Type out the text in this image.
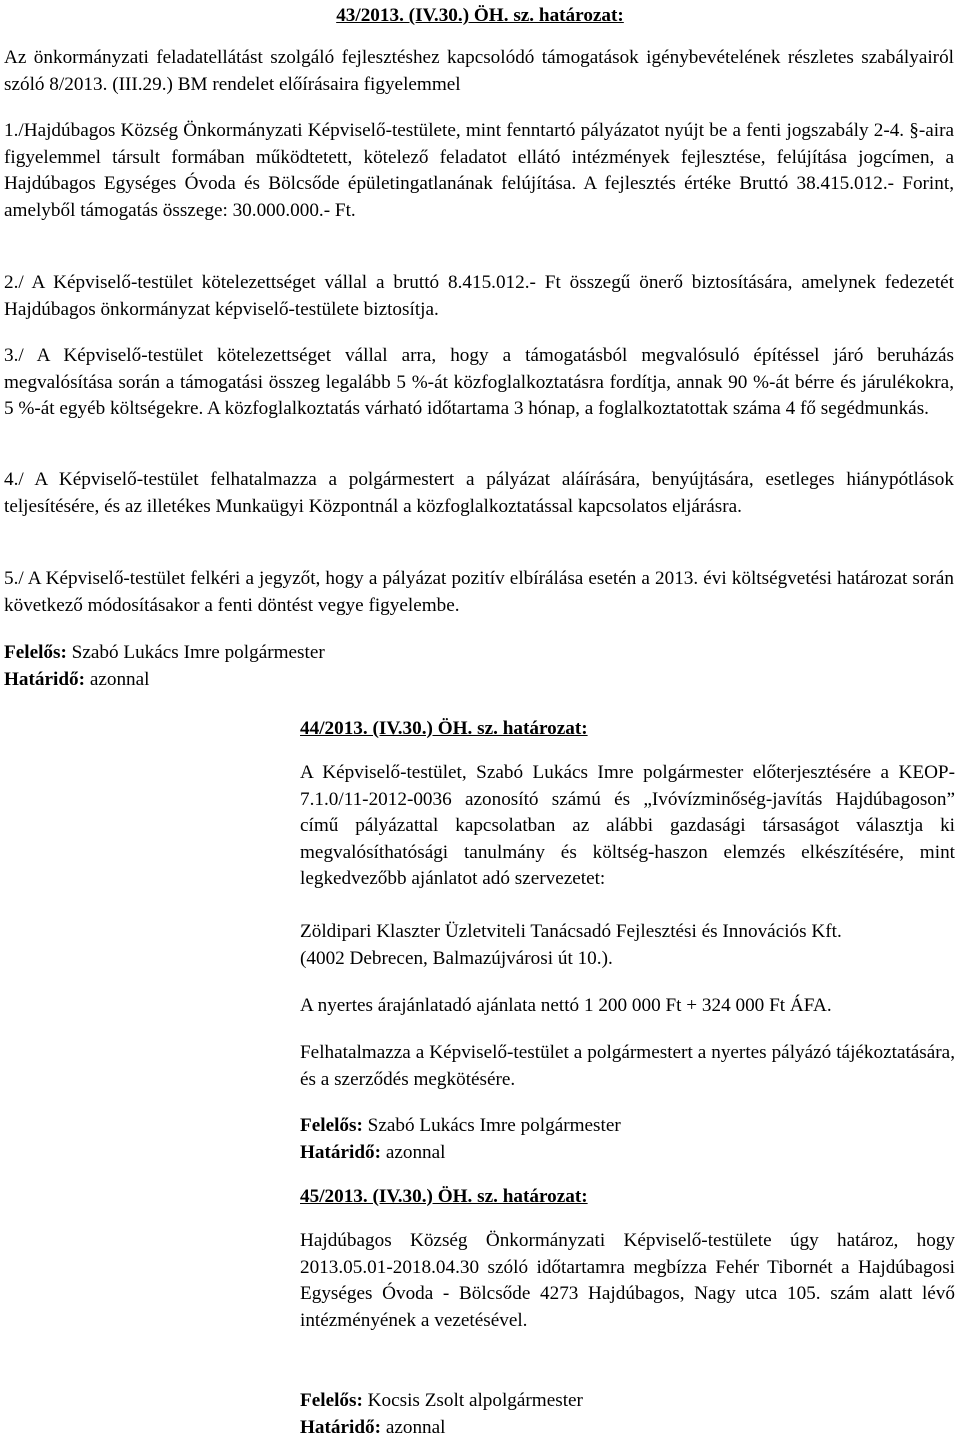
43/2013. (IV.30.) ÖH. sz. határozat:

Az önkormányzati feladatellátást szolgáló fejlesztéshez kapcsolódó támogatások igénybevételének részletes szabályairól szóló 8/2013. (III.29.) BM rendelet előírásaira figyelemmel

1./Hajdúbagos Község Önkormányzati Képviselő-testülete, mint fenntartó pályázatot nyújt be a fenti jogszabály 2-4. §-aira figyelemmel társult formában működtetett, kötelező feladatot ellátó intézmények fejlesztése, felújítása jogcímen, a Hajdúbagos Egységes Óvoda és Bölcsőde épületingatlanának felújítása. A fejlesztés értéke Bruttó 38.415.012.- Forint, amelyből támogatás összege: 30.000.000.- Ft.

2./ A Képviselő-testület kötelezettséget vállal a bruttó 8.415.012.- Ft összegű önerő biztosítására, amelynek fedezetét Hajdúbagos önkormányzat képviselő-testülete biztosítja.

3./ A Képviselő-testület kötelezettséget vállal arra, hogy a támogatásból megvalósuló építéssel járó beruházás megvalósítása során a támogatási összeg legalább 5 %-át közfoglalkoztatásra fordítja, annak 90 %-át bérre és járulékokra, 5 %-át egyéb költségekre. A közfoglalkoztatás várható időtartama 3 hónap, a foglalkoztatottak száma 4 fő segédmunkás.

4./ A Képviselő-testület felhatalmazza a polgármestert a pályázat aláírására, benyújtására, esetleges hiánypótlások teljesítésére, és az illetékes Munkaügyi Központnál a közfoglalkoztatással kapcsolatos eljárásra.

5./ A Képviselő-testület felkéri a jegyzőt, hogy a pályázat pozitív elbírálása esetén a 2013. évi költségvetési határozat során következő módosításakor a fenti döntést vegye figyelembe.

Felelős: Szabó Lukács Imre polgármester
Határidő: azonnal
44/2013. (IV.30.) ÖH. sz. határozat:

A Képviselő-testület, Szabó Lukács Imre polgármester előterjesztésére a KEOP-7.1.0/11-2012-0036 azonosító számú és „Ivóvízminőség-javítás Hajdúbagoson” című pályázattal kapcsolatban az alábbi gazdasági társaságot választja ki megvalósíthatósági tanulmány és költség-haszon elemzés elkészítésére, mint legkedvezőbb ajánlatot adó szervezetet:

Zöldipari Klaszter Üzletviteli Tanácsadó Fejlesztési és Innovációs Kft.
(4002 Debrecen, Balmazújvárosi út 10.).
A nyertes árajánlatadó ajánlata nettó 1 200 000 Ft + 324 000 Ft ÁFA.

Felhatalmazza a Képviselő-testület a polgármestert a nyertes pályázó tájékoztatására, és a szerződés megkötésére.

Felelős: Szabó Lukács Imre polgármester
Határidő: azonnal
45/2013. (IV.30.) ÖH. sz. határozat:

Hajdúbagos Község Önkormányzati Képviselő-testülete úgy határoz, hogy 2013.05.01-2018.04.30 szóló időtartamra megbízza Fehér Tibornét a Hajdúbagosi Egységes Óvoda - Bölcsőde 4273 Hajdúbagos, Nagy utca 105. szám alatt lévő intézményének a vezetésével.

Felelős: Kocsis Zsolt alpolgármester
Határidő: azonnal
